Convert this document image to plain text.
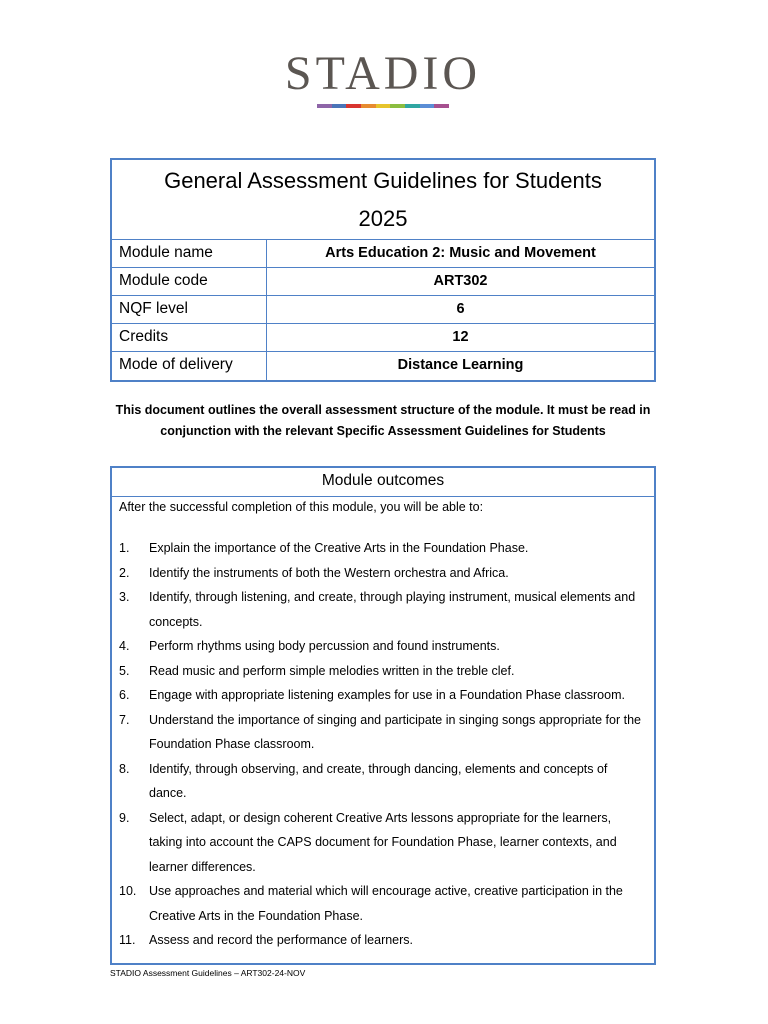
STADIO
General Assessment Guidelines for Students
2025
Module name	Arts Education 2: Music and Movement
Module code	ART302
NQF level	6
Credits	12
Mode of delivery	Distance Learning
This document outlines the overall assessment structure of the module. It must be read in conjunction with the relevant Specific Assessment Guidelines for Students
Module outcomes
After the successful completion of this module, you will be able to:
1.	Explain the importance of the Creative Arts in the Foundation Phase.
2.	Identify the instruments of both the Western orchestra and Africa.
3.	Identify, through listening, and create, through playing instrument, musical elements and concepts.
4.	Perform rhythms using body percussion and found instruments.
5.	Read music and perform simple melodies written in the treble clef.
6.	Engage with appropriate listening examples for use in a Foundation Phase classroom.
7.	Understand the importance of singing and participate in singing songs appropriate for the Foundation Phase classroom.
8.	Identify, through observing, and create, through dancing, elements and concepts of dance.
9.	Select, adapt, or design coherent Creative Arts lessons appropriate for the learners, taking into account the CAPS document for Foundation Phase, learner contexts, and learner differences.
10.	Use approaches and material which will encourage active, creative participation in the Creative Arts in the Foundation Phase.
11.	Assess and record the performance of learners.
STADIO Assessment Guidelines – ART302-24-NOV
